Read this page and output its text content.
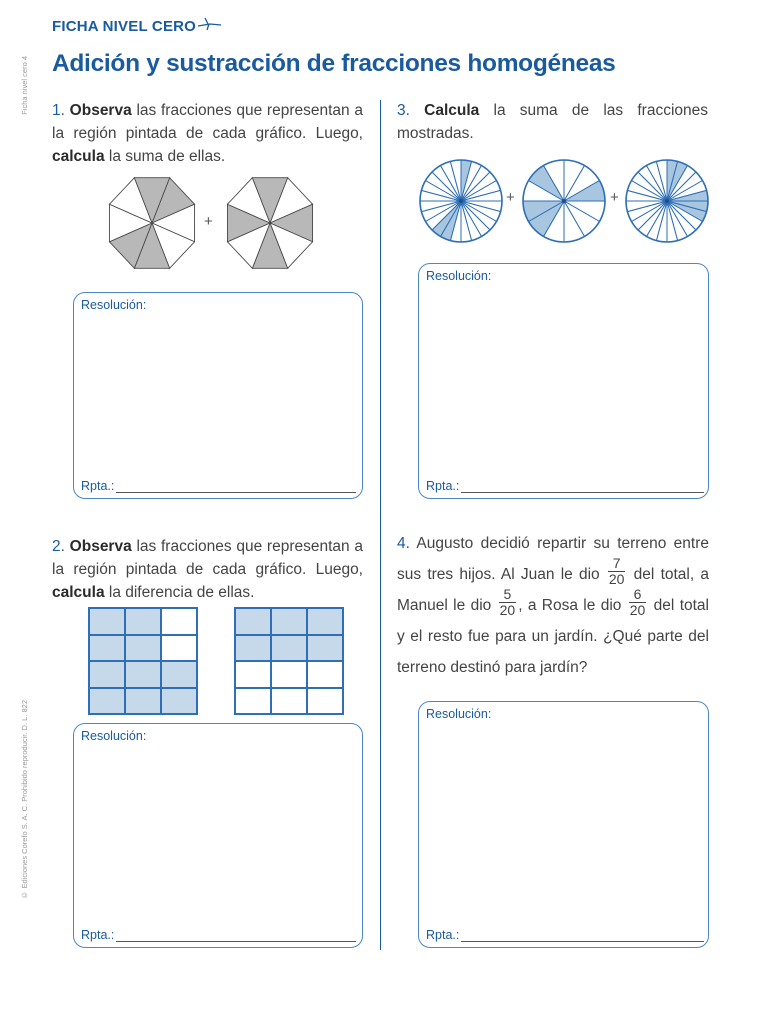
FICHA NIVEL CERO
Adición y sustracción de fracciones homogéneas
Ficha nivel cero 4
© Ediciones Corefo S. A. C. Prohibido reproducir. D. L. 822
1. Observa las fracciones que representan a la región pintada de cada gráfico. Luego, calcula la suma de ellas.
+
Resolución:
Rpta.:
2. Observa las fracciones que representan a la región pintada de cada gráfico. Luego, calcula la diferencia de ellas.
Resolución:
Rpta.:
3. Calcula la suma de las fracciones mostradas.
+	+
Resolución:
Rpta.:
4. Augusto decidió repartir su terreno entre sus tres hijos. Al Juan le dio $\frac{7}{20}$ del total, a Manuel le dio $\frac{5}{20}$ , a Rosa le dio $\frac{6}{20}$ del total y el resto fue para un jardín. ¿Qué parte del terreno destinó para jardín?
Resolución:
Rpta.:
